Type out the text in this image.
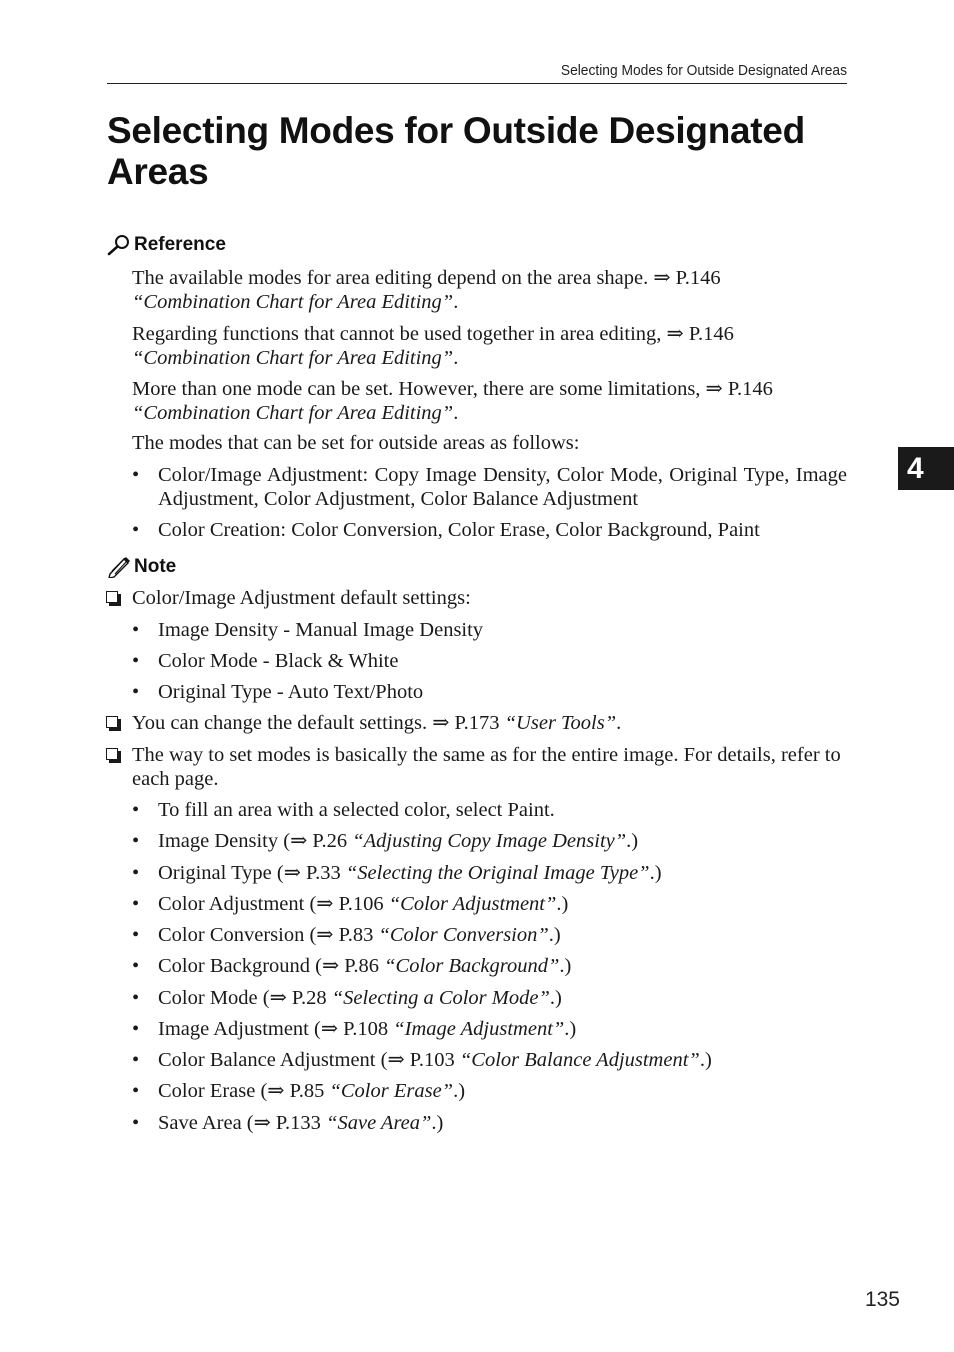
Selecting Modes for Outside Designated Areas
Selecting Modes for Outside Designated Areas
Reference
The available modes for area editing depend on the area shape. ⇒ P.146
“Combination Chart for Area Editing”.
Regarding functions that cannot be used together in area editing, ⇒ P.146
“Combination Chart for Area Editing”.
More than one mode can be set. However, there are some limitations, ⇒ P.146
“Combination Chart for Area Editing”.
The modes that can be set for outside areas as follows:
• Color/Image Adjustment: Copy Image Density, Color Mode, Original Type, Image Adjustment, Color Adjustment, Color Balance Adjustment
• Color Creation: Color Conversion, Color Erase, Color Background, Paint
Note
Color/Image Adjustment default settings:
• Image Density - Manual Image Density
• Color Mode - Black & White
• Original Type - Auto Text/Photo
You can change the default settings. ⇒ P.173 “User Tools”.
The way to set modes is basically the same as for the entire image. For details, refer to each page.
• To fill an area with a selected color, select Paint.
• Image Density (⇒ P.26 “Adjusting Copy Image Density”.)
• Original Type (⇒ P.33 “Selecting the Original Image Type”.)
• Color Adjustment (⇒ P.106 “Color Adjustment”.)
• Color Conversion (⇒ P.83 “Color Conversion”.)
• Color Background (⇒ P.86 “Color Background”.)
• Color Mode (⇒ P.28 “Selecting a Color Mode”.)
• Image Adjustment (⇒ P.108 “Image Adjustment”.)
• Color Balance Adjustment (⇒ P.103 “Color Balance Adjustment”.)
• Color Erase (⇒ P.85 “Color Erase”.)
• Save Area (⇒ P.133 “Save Area”.)
4
135
